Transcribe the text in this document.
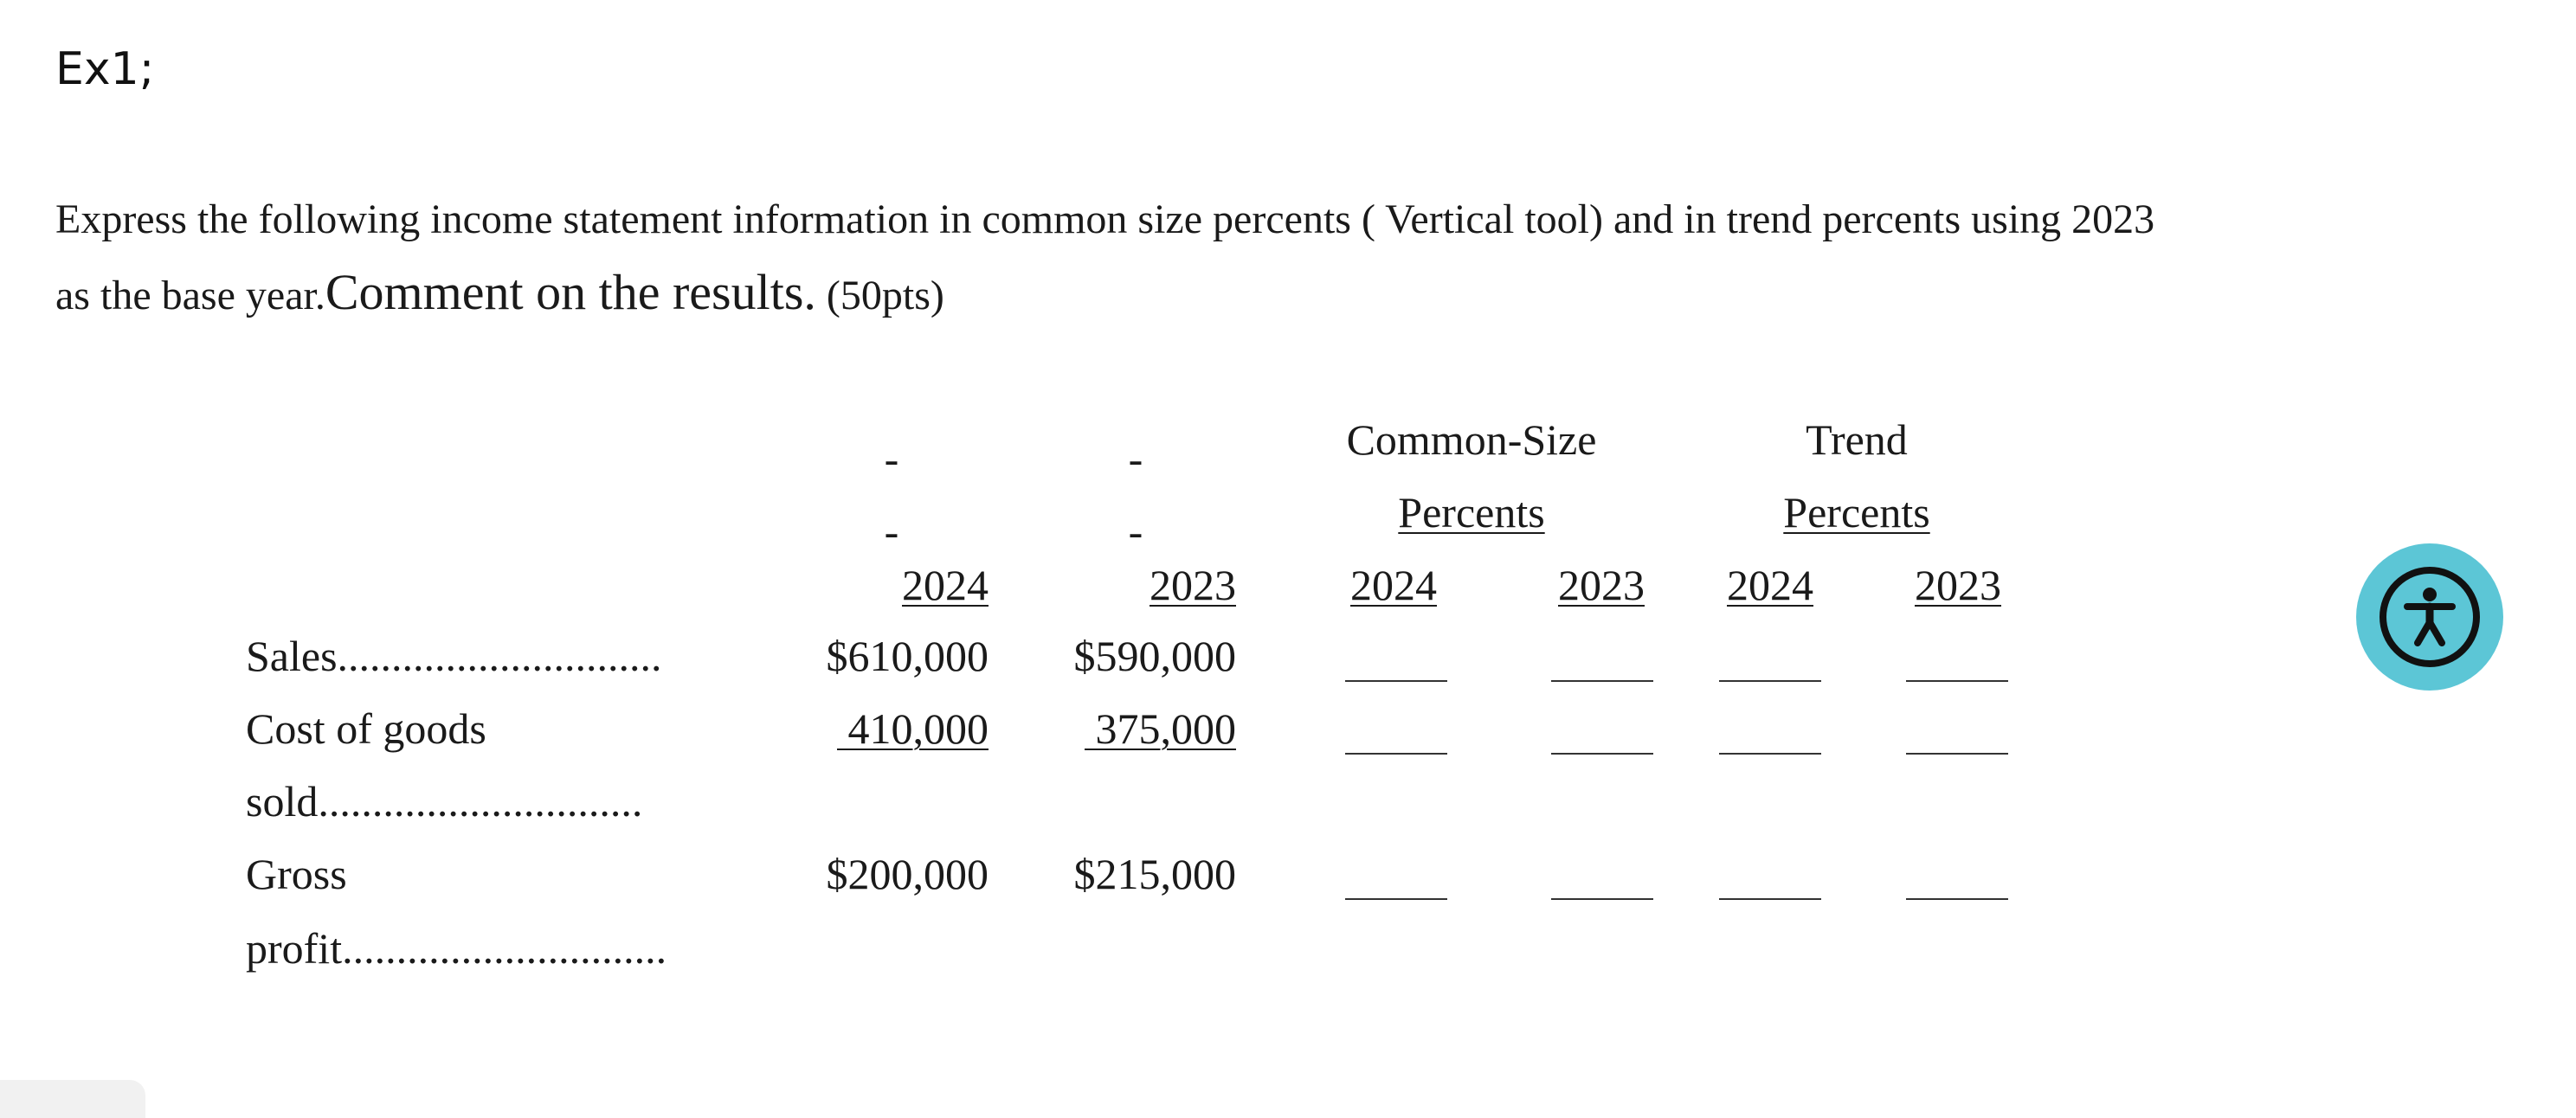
Ex1;
Express the following income statement information in common size percents ( Vertical tool) and in trend percents using 2023
as the base year.Comment on the results. (50pts)
-	-
-	-
Common-Size
Percents
Trend
Percents
2024	2023	2024	2023	2024	2023
Sales..............................	$610,000	$590,000
Cost of goods
sold..............................
410,000	375,000
Gross
profit..............................
$200,000	$215,000
